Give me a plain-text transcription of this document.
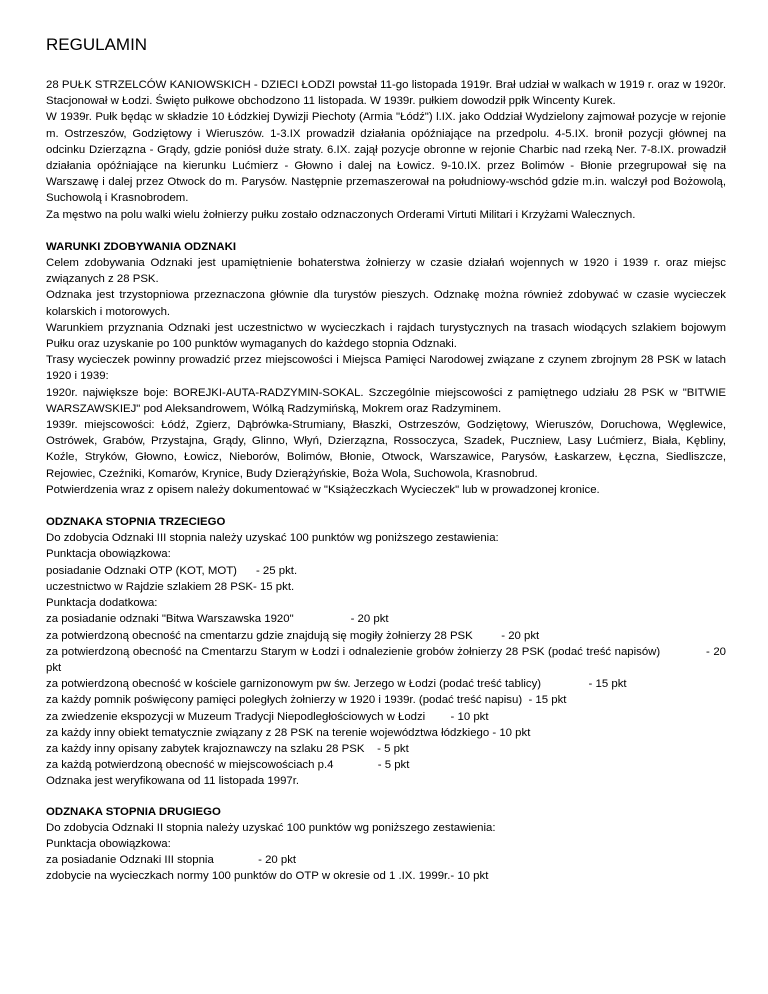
REGULAMIN

28 PUŁK STRZELCÓW KANIOWSKICH - DZIECI ŁODZI powstał 11-go listopada 1919r. Brał udział w walkach w 1919 r. oraz w 1920r. Stacjonował w Łodzi. Święto pułkowe obchodzono 11 listopada. W 1939r. pułkiem dowodził ppłk Wincenty Kurek.

W 1939r. Pułk będąc w składzie 10 Łódzkiej Dywizji Piechoty (Armia "Łódź") l.IX. jako Oddział Wydzielony zajmował pozycje w rejonie m. Ostrzeszów, Godziętowy i Wieruszów. 1-3.IX prowadził działania opóźniające na przedpolu. 4-5.IX. bronił pozycji głównej na odcinku Dzierzązna - Grądy, gdzie poniósł duże straty. 6.IX. zajął pozycje obronne w rejonie Charbic nad rzeką Ner. 7-8.IX. prowadził działania opóźniające na kierunku Lućmierz - Głowno i dalej na Łowicz. 9-10.IX. przez Bolimów - Błonie przegrupował się na Warszawę i dalej przez Otwock do m. Parysów. Następnie przemaszerował na południowy-wschód gdzie m.in. walczył pod Bożowolą, Suchowolą i Krasnobrodem.

Za męstwo na polu walki wielu żołnierzy pułku zostało odznaczonych Orderami Virtuti Militari i Krzyżami Walecznych.

WARUNKI ZDOBYWANIA ODZNAKI

Celem zdobywania Odznaki jest upamiętnienie bohaterstwa żołnierzy w czasie działań wojennych w 1920 i 1939 r. oraz miejsc związanych z 28 PSK.

Odznaka jest trzystopniowa przeznaczona głównie dla turystów pieszych. Odznakę można również zdobywać w czasie wycieczek kolarskich i motorowych.

Warunkiem przyznania Odznaki jest uczestnictwo w wycieczkach i rajdach turystycznych na trasach wiodących szlakiem bojowym Pułku oraz uzyskanie po 100 punktów wymaganych do każdego stopnia Odznaki.

Trasy wycieczek powinny prowadzić przez miejscowości i Miejsca Pamięci Narodowej związane z czynem zbrojnym 28 PSK w latach 1920 i 1939:

1920r. największe boje: BOREJKI-AUTA-RADZYMIN-SOKAL. Szczególnie miejscowości z pamiętnego udziału 28 PSK w "BITWIE WARSZAWSKIEJ" pod Aleksandrowem, Wólką Radzymińską, Mokrem oraz Radzyminem.

1939r. miejscowości: Łódź, Zgierz, Dąbrówka-Strumiany, Błaszki, Ostrzeszów, Godziętowy, Wieruszów, Doruchowa, Węglewice, Ostrówek, Grabów, Przystajna, Grądy, Glinno, Włyń, Dzierzązna, Rossoczyca, Szadek, Puczniew, Lasy Lućmierz, Biała, Kębliny, Koźle, Stryków, Głowno, Łowicz, Nieborów, Bolimów, Błonie, Otwock, Warszawice, Parysów, Łaskarzew, Łęczna, Siedliszcze, Rejowiec, Czeźniki, Komarów, Krynice, Budy Dzierążyńskie, Boża Wola, Suchowola, Krasnobrud.

Potwierdzenia wraz z opisem należy dokumentować w "Książeczkach Wycieczek" lub w prowadzonej kronice.

ODZNAKA STOPNIA TRZECIEGO

Do zdobycia Odznaki III stopnia należy uzyskać 100 punktów wg poniższego zestawienia:

Punktacja obowiązkowa:

posiadanie Odznaki OTP (KOT, MOT)      - 25 pkt.

uczestnictwo w Rajdzie szlakiem 28 PSK- 15 pkt.

Punktacja dodatkowa:

za posiadanie odznaki "Bitwa Warszawska 1920"                  - 20 pkt

za potwierdzoną obecność na cmentarzu gdzie znajdują się mogiły żołnierzy 28 PSK         - 20 pkt

za potwierdzoną obecność na Cmentarzu Starym w Łodzi i odnalezienie grobów żołnierzy 28 PSK (podać treść napisów)             - 20 pkt

za potwierdzoną obecność w kościele garnizonowym pw św. Jerzego w Łodzi (podać treść tablicy)               - 15 pkt

za każdy pomnik poświęcony pamięci poległych żołnierzy w 1920 i 1939r. (podać treść napisu)  - 15 pkt

za zwiedzenie ekspozycji w Muzeum Tradycji Niepodległościowych w Łodzi        - 10 pkt

za każdy inny obiekt tematycznie związany z 28 PSK na terenie województwa łódzkiego - 10 pkt

za każdy inny opisany zabytek krajoznawczy na szlaku 28 PSK    - 5 pkt

za każdą potwierdzoną obecność w miejscowościach p.4              - 5 pkt

Odznaka jest weryfikowana od 11 listopada 1997r.

ODZNAKA STOPNIA DRUGIEGO

Do zdobycia Odznaki II stopnia należy uzyskać 100 punktów wg poniższego zestawienia:

Punktacja obowiązkowa:

za posiadanie Odznaki III stopnia              - 20 pkt

zdobycie na wycieczkach normy 100 punktów do OTP w okresie od 1 .IX. 1999r.- 10 pkt
